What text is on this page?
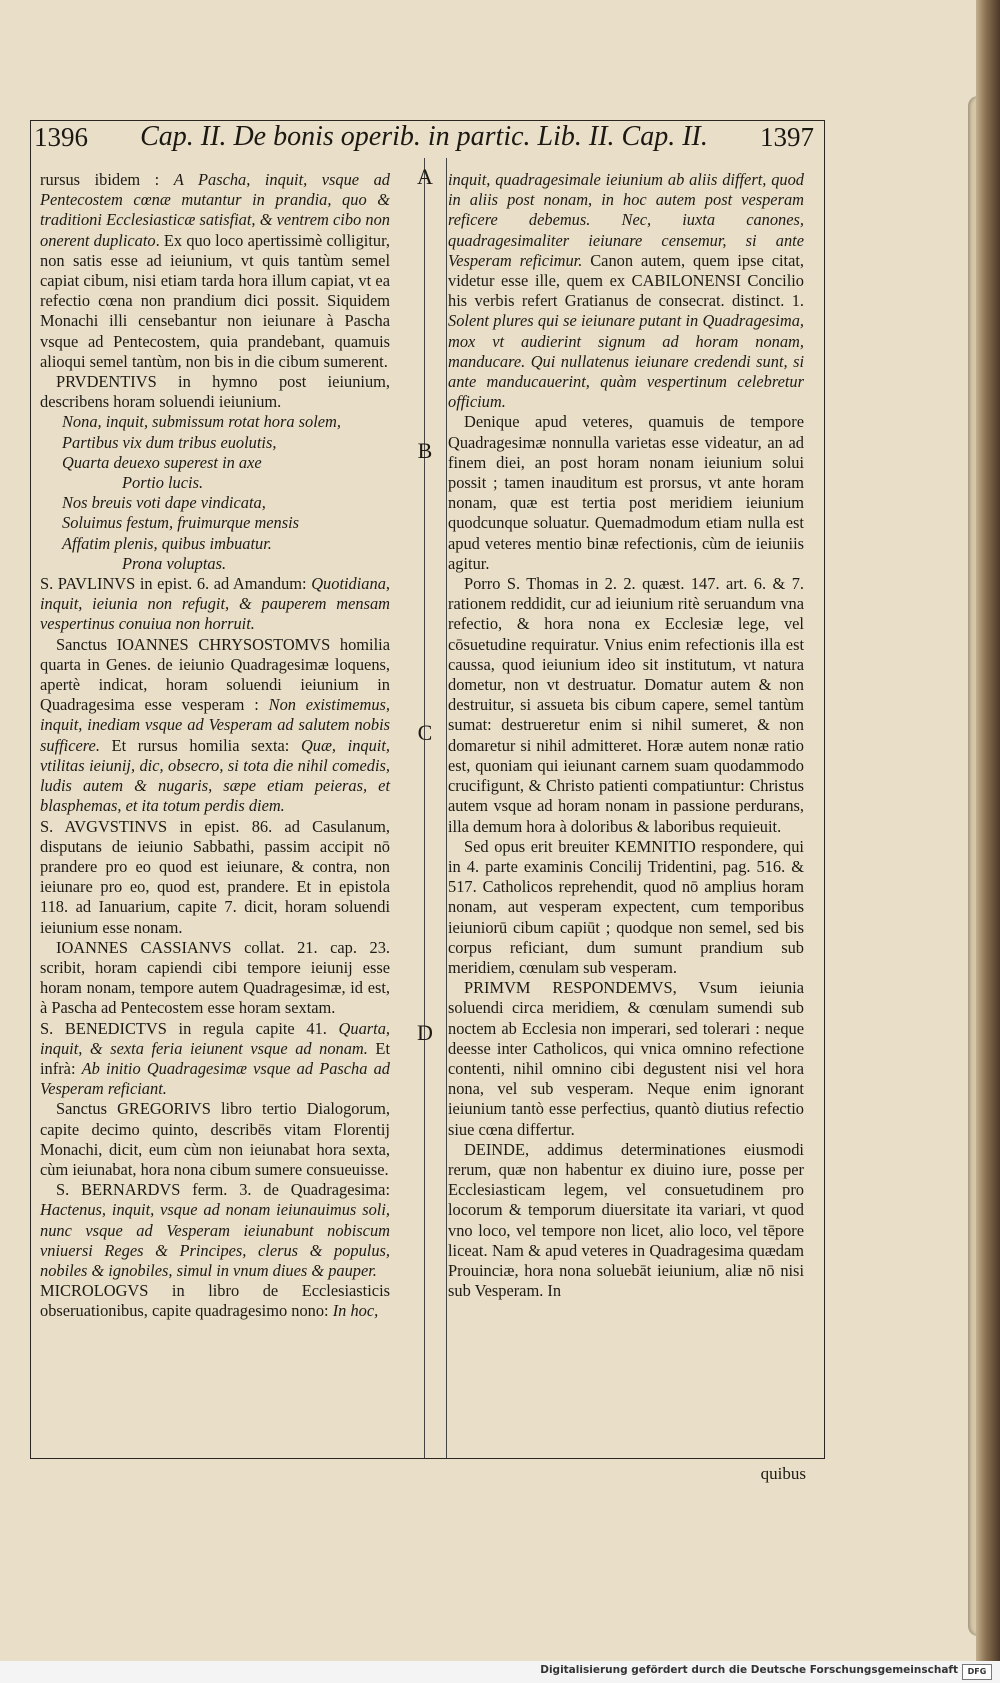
1396 Cap. II. De bonis operib. in partic. Lib. II. Cap. II. 1397
A
B
C
D

rursus ibidem : A Pascha, inquit, vsque ad Pentecostem cœnæ mutantur in prandia, quo & traditioni Ecclesiasticæ satisfiat, & ventrem cibo non onerent duplicato. Ex quo loco apertissimè colligitur, non satis esse ad ieiunium, vt quis tantùm semel capiat cibum, nisi etiam tarda hora illum capiat, vt ea refectio cœna non prandium dici possit. Siquidem Monachi illi censebantur non ieiunare à Pascha vsque ad Pentecostem, quia prandebant, quamuis alioqui semel tantùm, non bis in die cibum sumerent.

PRVDENTIVS in hymno post ieiunium, describens horam soluendi ieiunium.

Nona, inquit, submissum rotat hora solem,
Partibus vix dum tribus euolutis,
Quarta deuexo superest in axe
Portio lucis.
Nos breuis voti dape vindicata,
Soluimus festum, fruimurque mensis
Affatim plenis, quibus imbuatur.
Prona voluptas.

S. PAVLINVS in epist. 6. ad Amandum: Quotidiana, inquit, ieiunia non refugit, & pauperem mensam vespertinus conuiua non horruit.

Sanctus IOANNES CHRYSOSTOMVS homilia quarta in Genes. de ieiunio Quadragesimæ loquens, apertè indicat, horam soluendi ieiunium in Quadragesima esse vesperam : Non existimemus, inquit, inediam vsque ad Vesperam ad salutem nobis sufficere. Et rursus homilia sexta: Quæ, inquit, vtilitas ieiunij, dic, obsecro, si tota die nihil comedis, ludis autem & nugaris, sæpe etiam peieras, et blasphemas, et ita totum perdis diem.

S. AVGVSTINVS in epist. 86. ad Casulanum, disputans de ieiunio Sabbathi, passim accipit nō prandere pro eo quod est ieiunare, & contra, non ieiunare pro eo, quod est, prandere. Et in epistola 118. ad Ianuarium, capite 7. dicit, horam soluendi ieiunium esse nonam.

IOANNES CASSIANVS collat. 21. cap. 23. scribit, horam capiendi cibi tempore ieiunij esse horam nonam, tempore autem Quadragesimæ, id est, à Pascha ad Pentecostem esse horam sextam.

S. BENEDICTVS in regula capite 41. Quarta, inquit, & sexta feria ieiunent vsque ad nonam. Et infrà: Ab initio Quadragesimæ vsque ad Pascha ad Vesperam reficiant.

Sanctus GREGORIVS libro tertio Dialogorum, capite decimo quinto, describēs vitam Florentij Monachi, dicit, eum cùm non ieiunabat hora sexta, cùm ieiunabat, hora nona cibum sumere consueuisse.

S. BERNARDVS ferm. 3. de Quadragesima: Hactenus, inquit, vsque ad nonam ieiunauimus soli, nunc vsque ad Vesperam ieiunabunt nobiscum vniuersi Reges & Principes, clerus & populus, nobiles & ignobiles, simul in vnum diues & pauper.

MICROLOGVS in libro de Ecclesiasticis obseruationibus, capite quadragesimo nono: In hoc,

inquit, quadragesimale ieiunium ab aliis differt, quod in aliis post nonam, in hoc autem post vesperam reficere debemus. Nec, iuxta canones, quadragesimaliter ieiunare censemur, si ante Vesperam reficimur. Canon autem, quem ipse citat, videtur esse ille, quem ex CABILONENSI Concilio his verbis refert Gratianus de consecrat. distinct. 1. Solent plures qui se ieiunare putant in Quadragesima, mox vt audierint signum ad horam nonam, manducare. Qui nullatenus ieiunare credendi sunt, si ante manducauerint, quàm vespertinum celebretur officium.

Denique apud veteres, quamuis de tempore Quadragesimæ nonnulla varietas esse videatur, an ad finem diei, an post horam nonam ieiunium solui possit ; tamen inauditum est prorsus, vt ante horam nonam, quæ est tertia post meridiem ieiunium quodcunque soluatur. Quemadmodum etiam nulla est apud veteres mentio binæ refectionis, cùm de ieiuniis agitur.

Porro S. Thomas in 2. 2. quæst. 147. art. 6. & 7. rationem reddidit, cur ad ieiunium ritè seruandum vna refectio, & hora nona ex Ecclesiæ lege, vel cōsuetudine requiratur. Vnius enim refectionis illa est caussa, quod ieiunium ideo sit institutum, vt natura dometur, non vt destruatur. Domatur autem & non destruitur, si assueta bis cibum capere, semel tantùm sumat: destrueretur enim si nihil sumeret, & non domaretur si nihil admitteret. Horæ autem nonæ ratio est, quoniam qui ieiunant carnem suam quodammodo crucifigunt, & Christo patienti compatiuntur: Christus autem vsque ad horam nonam in passione perdurans, illa demum hora à doloribus & laboribus requieuit.

Sed opus erit breuiter KEMNITIO respondere, qui in 4. parte examinis Concilij Tridentini, pag. 516. & 517. Catholicos reprehendit, quod nō amplius horam nonam, aut vesperam expectent, cum temporibus ieiuniorū cibum capiūt ; quodque non semel, sed bis corpus reficiant, dum sumunt prandium sub meridiem, cœnulam sub vesperam.

PRIMVM RESPONDEMVS, Vsum ieiunia soluendi circa meridiem, & cœnulam sumendi sub noctem ab Ecclesia non imperari, sed tolerari : neque deesse inter Catholicos, qui vnica omnino refectione contenti, nihil omnino cibi degustent nisi vel hora nona, vel sub vesperam. Neque enim ignorant ieiunium tantò esse perfectius, quantò diutius refectio siue cœna differtur.

DEINDE, addimus determinationes eiusmodi rerum, quæ non habentur ex diuino iure, posse per Ecclesiasticam legem, vel consuetudinem pro locorum & temporum diuersitate ita variari, vt quod vno loco, vel tempore non licet, alio loco, vel tēpore liceat. Nam & apud veteres in Quadragesima quædam Prouinciæ, hora nona soluebāt ieiunium, aliæ nō nisi sub Vesperam. In

quibus
Digitalisierung gefördert durch die Deutsche Forschungsgemeinschaft	DFG
